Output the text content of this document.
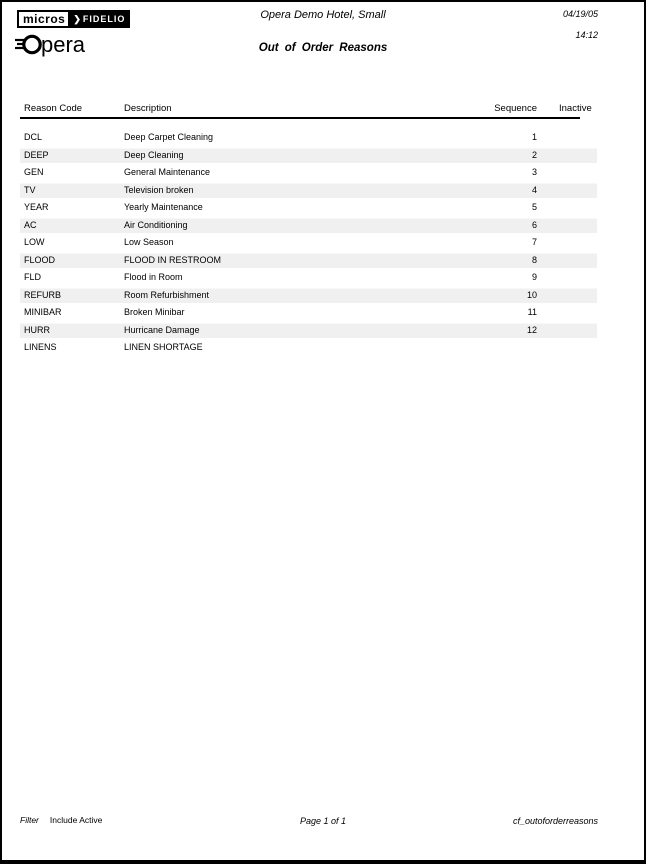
micros ❯ FIDELIO
pera
Opera Demo Hotel, Small
Out of Order Reasons
04/19/05
14:12
Reason Code	Description	Sequence	Inactive
DCL	Deep Carpet Cleaning	1
DEEP	Deep Cleaning	2
GEN	General Maintenance	3
TV	Television broken	4
YEAR	Yearly Maintenance	5
AC	Air Conditioning	6
LOW	Low Season	7
FLOOD	FLOOD IN RESTROOM	8
FLD	Flood in Room	9
REFURB	Room Refurbishment	10
MINIBAR	Broken Minibar	11
HURR	Hurricane Damage	12
LINENS	LINEN SHORTAGE
Filter Include Active	Page 1 of 1	cf_outoforderreasons
